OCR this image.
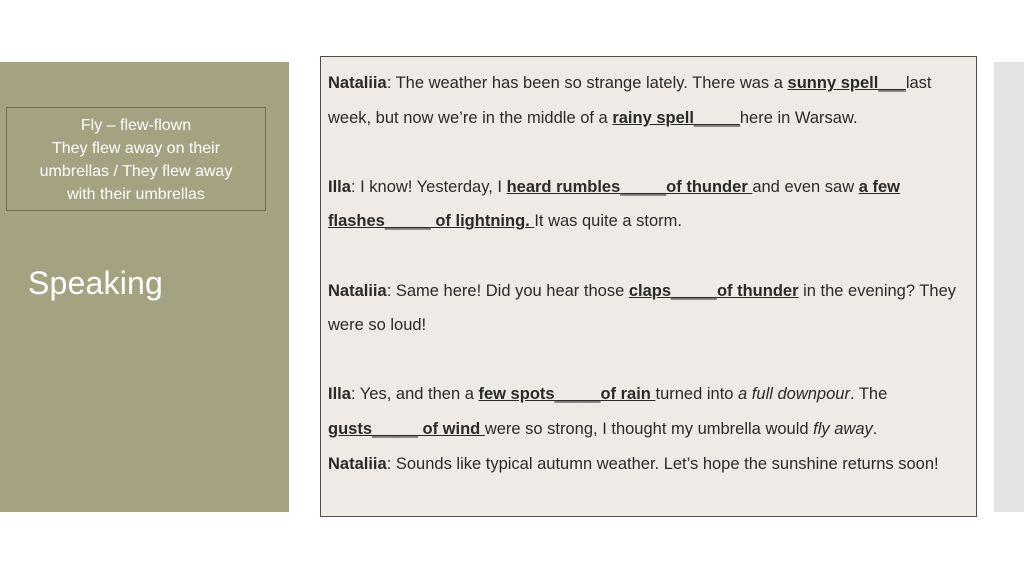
Fly – flew-flown
They flew away on their
umbrellas / They flew away
with their umbrellas
Speaking

Nataliia: The weather has been so strange lately. There was a sunny spell___last week, but now we’re in the middle of a rainy spell_____here in Warsaw.

Illa: I know! Yesterday, I heard rumbles_____of thunder and even saw a few flashes_____ of lightning. It was quite a storm.

Nataliia: Same here! Did you hear those claps_____of thunder in the evening? They were so loud!

Illa: Yes, and then a few spots_____of rain turned into a full downpour. The gusts_____ of wind were so strong, I thought my umbrella would fly away.

Nataliia: Sounds like typical autumn weather. Let’s hope the sunshine returns soon!
